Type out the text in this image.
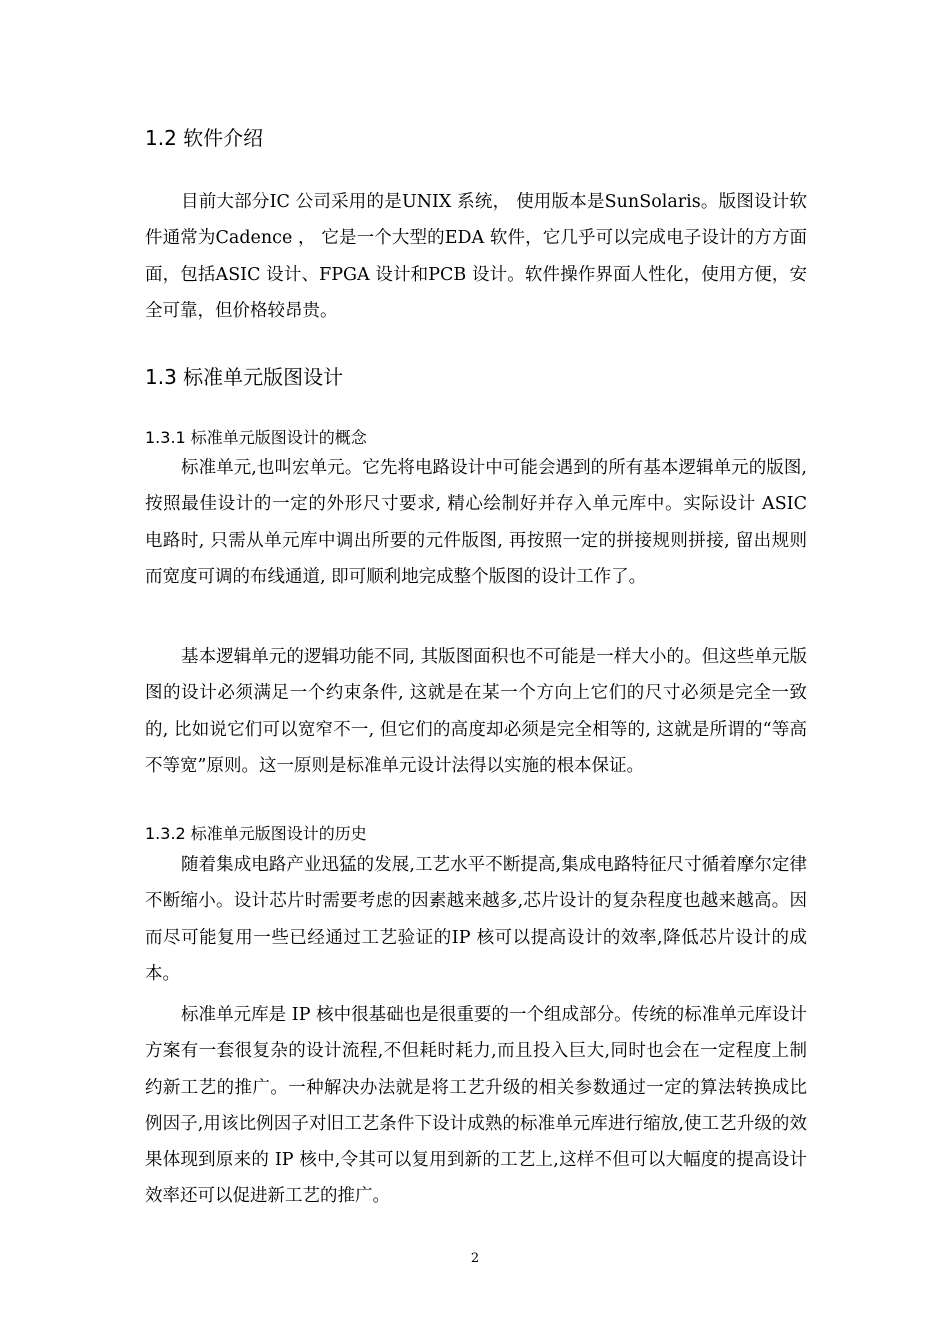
1.2 软件介绍

目前大部分IC 公司采用的是UNIX 系统， 使用版本是SunSolaris。版图设计软件通常为Cadence ， 它是一个大型的EDA 软件，它几乎可以完成电子设计的方方面面，包括ASIC 设计、FPGA 设计和PCB 设计。软件操作界面人性化，使用方便，安全可靠，但价格较昂贵。

1.3 标准单元版图设计
1.3.1 标准单元版图设计的概念

标准单元,也叫宏单元。它先将电路设计中可能会遇到的所有基本逻辑单元的版图, 按照最佳设计的一定的外形尺寸要求, 精心绘制好并存入单元库中。实际设计 ASIC 电路时, 只需从单元库中调出所要的元件版图, 再按照一定的拼接规则拼接, 留出规则而宽度可调的布线通道, 即可顺利地完成整个版图的设计工作了。

基本逻辑单元的逻辑功能不同, 其版图面积也不可能是一样大小的。但这些单元版图的设计必须满足一个约束条件, 这就是在某一个方向上它们的尺寸必须是完全一致的, 比如说它们可以宽窄不一, 但它们的高度却必须是完全相等的, 这就是所谓的“等高不等宽”原则。这一原则是标准单元设计法得以实施的根本保证。

1.3.2 标准单元版图设计的历史

随着集成电路产业迅猛的发展,工艺水平不断提高,集成电路特征尺寸循着摩尔定律不断缩小。设计芯片时需要考虑的因素越来越多,芯片设计的复杂程度也越来越高。因而尽可能复用一些已经通过工艺验证的IP 核可以提高设计的效率,降低芯片设计的成本。

标准单元库是 IP 核中很基础也是很重要的一个组成部分。传统的标准单元库设计方案有一套很复杂的设计流程,不但耗时耗力,而且投入巨大,同时也会在一定程度上制约新工艺的推广。一种解决办法就是将工艺升级的相关参数通过一定的算法转换成比例因子,用该比例因子对旧工艺条件下设计成熟的标准单元库进行缩放,使工艺升级的效果体现到原来的 IP 核中,令其可以复用到新的工艺上,这样不但可以大幅度的提高设计效率还可以促进新工艺的推广。

2
